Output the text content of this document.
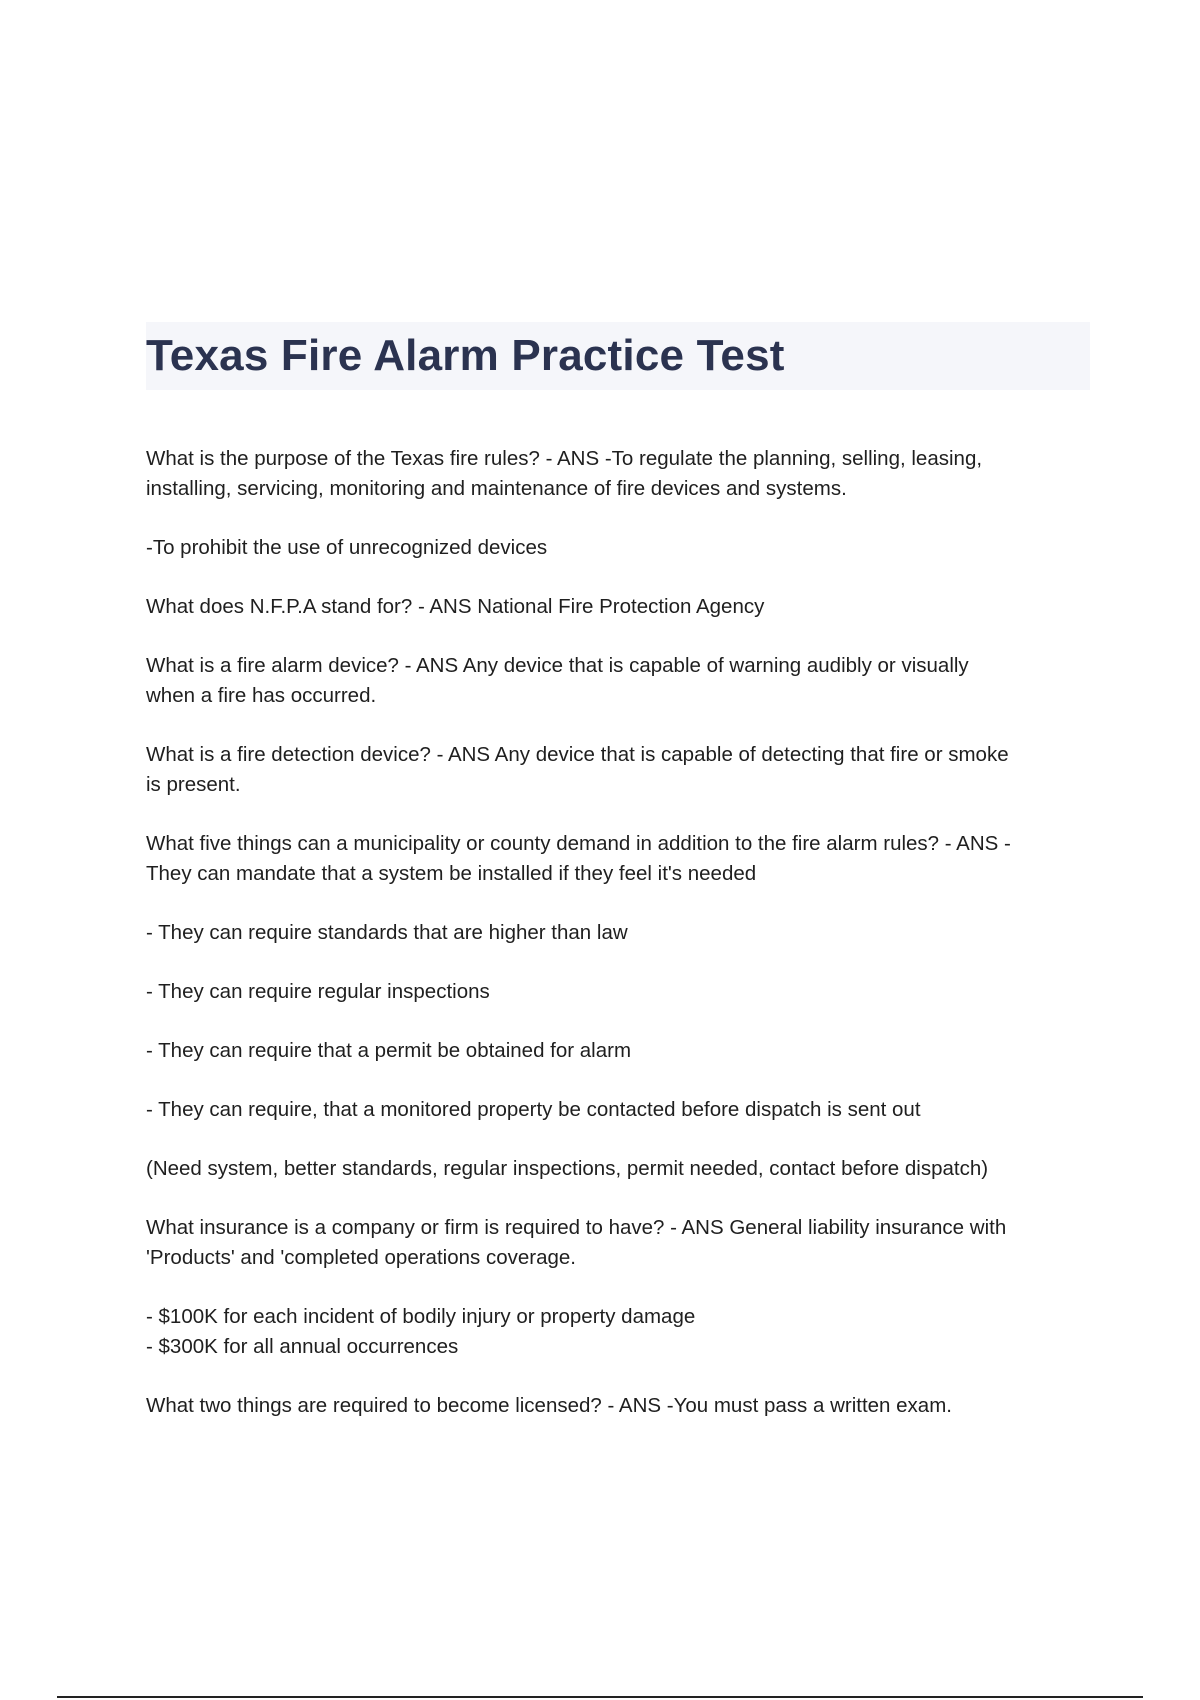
Texas Fire Alarm Practice Test

What is the purpose of the Texas fire rules? - ANS -To regulate the planning, selling, leasing,
installing, servicing, monitoring and maintenance of fire devices and systems.

-To prohibit the use of unrecognized devices

What does N.F.P.A stand for? - ANS National Fire Protection Agency

What is a fire alarm device? - ANS Any device that is capable of warning audibly or visually
when a fire has occurred.

What is a fire detection device? - ANS Any device that is capable of detecting that fire or smoke
is present.

What five things can a municipality or county demand in addition to the fire alarm rules? - ANS -
They can mandate that a system be installed if they feel it's needed

- They can require standards that are higher than law

- They can require regular inspections

- They can require that a permit be obtained for alarm

- They can require, that a monitored property be contacted before dispatch is sent out

(Need system, better standards, regular inspections, permit needed, contact before dispatch)

What insurance is a company or firm is required to have? - ANS General liability insurance with
'Products' and 'completed operations coverage.

- $100K for each incident of bodily injury or property damage
- $300K for all annual occurrences

What two things are required to become licensed? - ANS -You must pass a written exam.
